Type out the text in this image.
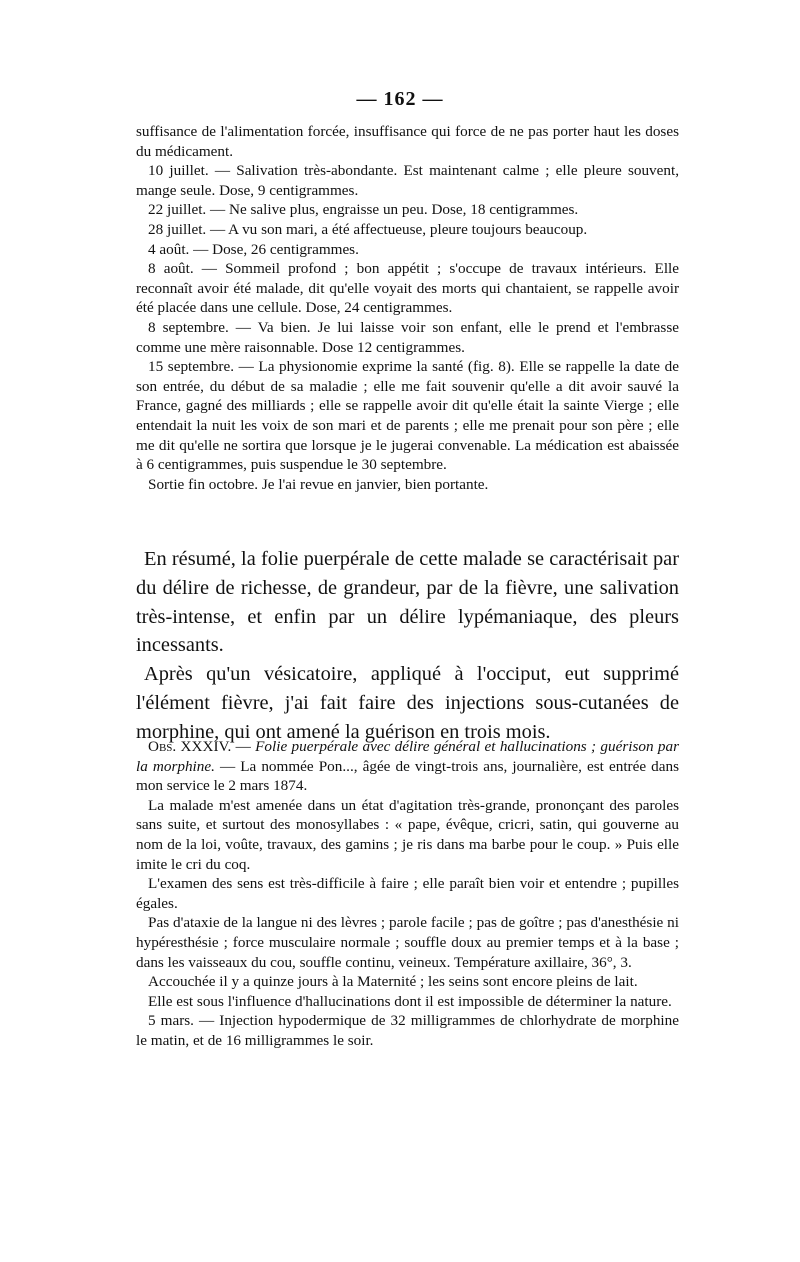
— 162 —

suffisance de l'alimentation forcée, insuffisance qui force de ne pas porter haut les doses du médicament.

10 juillet. — Salivation très-abondante. Est maintenant calme ; elle pleure souvent, mange seule. Dose, 9 centigrammes.

22 juillet. — Ne salive plus, engraisse un peu. Dose, 18 centigrammes.

28 juillet. — A vu son mari, a été affectueuse, pleure toujours beaucoup.

4 août. — Dose, 26 centigrammes.

8 août. — Sommeil profond ; bon appétit ; s'occupe de travaux intérieurs. Elle reconnaît avoir été malade, dit qu'elle voyait des morts qui chantaient, se rappelle avoir été placée dans une cellule. Dose, 24 centigrammes.

8 septembre. — Va bien. Je lui laisse voir son enfant, elle le prend et l'embrasse comme une mère raisonnable. Dose 12 centigrammes.

15 septembre. — La physionomie exprime la santé (fig. 8). Elle se rappelle la date de son entrée, du début de sa maladie ; elle me fait souvenir qu'elle a dit avoir sauvé la France, gagné des milliards ; elle se rappelle avoir dit qu'elle était la sainte Vierge ; elle entendait la nuit les voix de son mari et de parents ; elle me prenait pour son père ; elle me dit qu'elle ne sortira que lorsque je le jugerai convenable. La médication est abaissée à 6 centigrammes, puis suspendue le 30 septembre.

Sortie fin octobre. Je l'ai revue en janvier, bien portante.

En résumé, la folie puerpérale de cette malade se caractérisait par du délire de richesse, de grandeur, par de la fièvre, une salivation très-intense, et enfin par un délire lypémaniaque, des pleurs incessants.

Après qu'un vésicatoire, appliqué à l'occiput, eut supprimé l'élément fièvre, j'ai fait faire des injections sous-cutanées de morphine, qui ont amené la guérison en trois mois.

Obs. XXXIV. — Folie puerpérale avec délire général et hallucinations ; guérison par la morphine. — La nommée Pon..., âgée de vingt-trois ans, journalière, est entrée dans mon service le 2 mars 1874.

La malade m'est amenée dans un état d'agitation très-grande, prononçant des paroles sans suite, et surtout des monosyllabes : « pape, évêque, cricri, satin, qui gouverne au nom de la loi, voûte, travaux, des gamins ; je ris dans ma barbe pour le coup. » Puis elle imite le cri du coq.

L'examen des sens est très-difficile à faire ; elle paraît bien voir et entendre ; pupilles égales.

Pas d'ataxie de la langue ni des lèvres ; parole facile ; pas de goître ; pas d'anesthésie ni hypéresthésie ; force musculaire normale ; souffle doux au premier temps et à la base ; dans les vaisseaux du cou, souffle continu, veineux. Température axillaire, 36°, 3.

Accouchée il y a quinze jours à la Maternité ; les seins sont encore pleins de lait.

Elle est sous l'influence d'hallucinations dont il est impossible de déterminer la nature.

5 mars. — Injection hypodermique de 32 milligrammes de chlorhydrate de morphine le matin, et de 16 milligrammes le soir.
